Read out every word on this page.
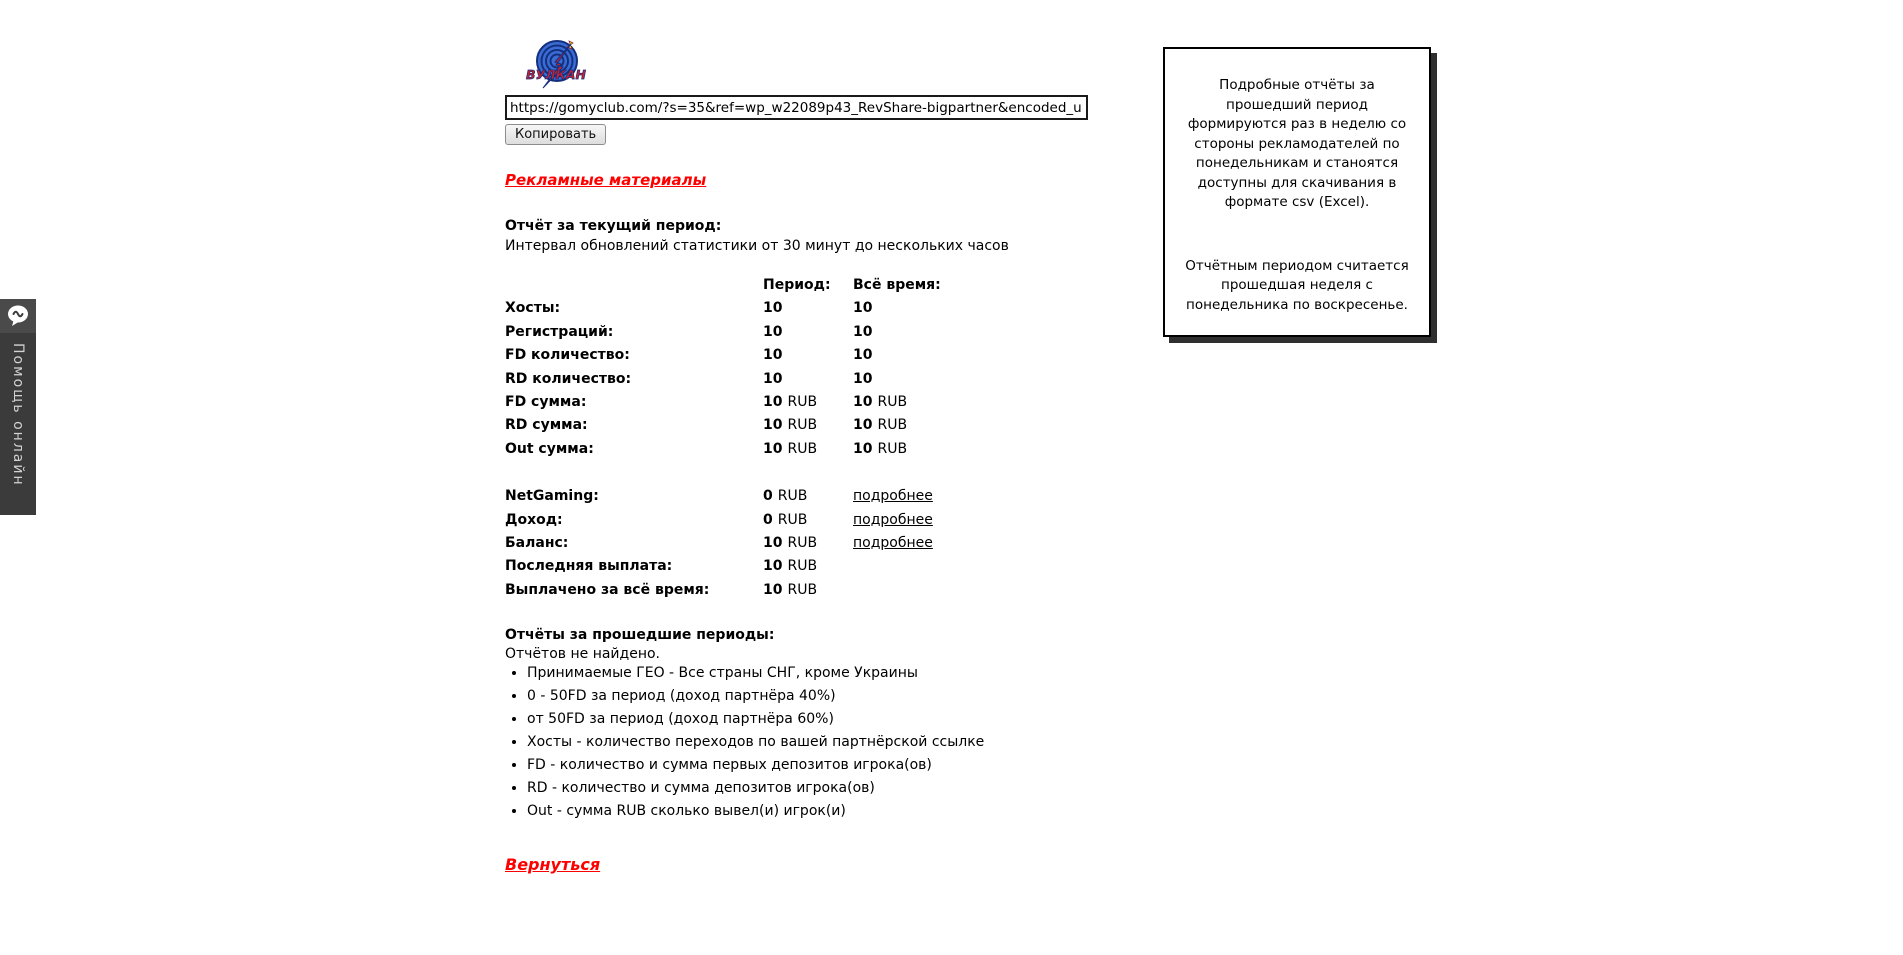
Помощь онлайн
ВУЛКАН
https://gomyclub.com/?s=35&ref=wp_w22089p43_RevShare-bigpartner&encoded_url=cmVnaXN0 Копировать
Рекламные материалы
Отчёт за текущий период:
Интервал обновлений статистики от 30 минут до нескольких часов
Период:	Всё время:
Хосты:	10	10
Регистраций:	10	10
FD количество:	10	10
RD количество:	10	10
FD сумма:	10 RUB	10 RUB
RD сумма:	10 RUB	10 RUB
Out сумма:	10 RUB	10 RUB
NetGaming:	0 RUB	подробнее
Доход:	0 RUB	подробнее
Баланс:	10 RUB	подробнее
Последняя выплата:	10 RUB
Выплачено за всё время:	10 RUB
Отчёты за прошедшие периоды:
Отчётов не найдено.
• Принимаемые ГЕО - Все страны СНГ, кроме Украины
• 0 - 50FD за период (доход партнёра 40%)
• от 50FD за период (доход партнёра 60%)
• Хосты - количество переходов по вашей партнёрской ссылке
• FD - количество и сумма первых депозитов игрока(ов)
• RD - количество и сумма депозитов игрока(ов)
• Out - сумма RUB сколько вывел(и) игрок(и)
Вернуться

Подробные отчёты за прошедший период формируются раз в неделю со стороны рекламодателей по понедельникам и станоятся доступны для скачивания в формате csv (Excel).

Отчётным периодом считается прошедшая неделя с понедельника по воскресенье.
